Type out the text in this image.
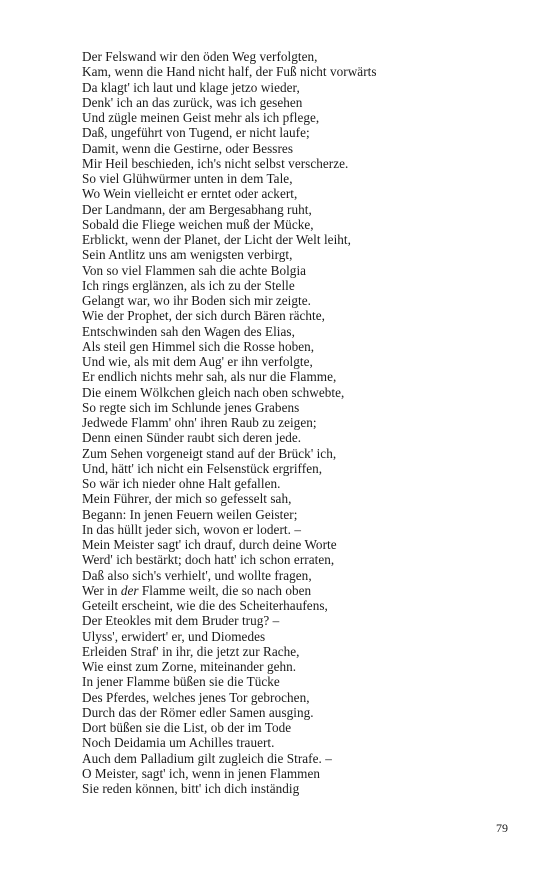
Der Felswand wir den öden Weg verfolgten,
Kam, wenn die Hand nicht half, der Fuß nicht vorwärts
Da klagt' ich laut und klage jetzo wieder,
Denk' ich an das zurück, was ich gesehen
Und zügle meinen Geist mehr als ich pflege,
Daß, ungeführt von Tugend, er nicht laufe;
Damit, wenn die Gestirne, oder Bessres
Mir Heil beschieden, ich's nicht selbst verscherze.
So viel Glühwürmer unten in dem Tale,
Wo Wein vielleicht er erntet oder ackert,
Der Landmann, der am Bergesabhang ruht,
Sobald die Fliege weichen muß der Mücke,
Erblickt, wenn der Planet, der Licht der Welt leiht,
Sein Antlitz uns am wenigsten verbirgt,
Von so viel Flammen sah die achte Bolgia
Ich rings erglänzen, als ich zu der Stelle
Gelangt war, wo ihr Boden sich mir zeigte.
Wie der Prophet, der sich durch Bären rächte,
Entschwinden sah den Wagen des Elias,
Als steil gen Himmel sich die Rosse hoben,
Und wie, als mit dem Aug' er ihn verfolgte,
Er endlich nichts mehr sah, als nur die Flamme,
Die einem Wölkchen gleich nach oben schwebte,
So regte sich im Schlunde jenes Grabens
Jedwede Flamm' ohn' ihren Raub zu zeigen;
Denn einen Sünder raubt sich deren jede.
Zum Sehen vorgeneigt stand auf der Brück' ich,
Und, hätt' ich nicht ein Felsenstück ergriffen,
So wär ich nieder ohne Halt gefallen.
Mein Führer, der mich so gefesselt sah,
Begann: In jenen Feuern weilen Geister;
In das hüllt jeder sich, wovon er lodert. –
Mein Meister sagt' ich drauf, durch deine Worte
Werd' ich bestärkt; doch hatt' ich schon erraten,
Daß also sich's verhielt', und wollte fragen,
Wer in der Flamme weilt, die so nach oben
Geteilt erscheint, wie die des Scheiterhaufens,
Der Eteokles mit dem Bruder trug? –
Ulyss', erwidert' er, und Diomedes
Erleiden Straf' in ihr, die jetzt zur Rache,
Wie einst zum Zorne, miteinander gehn.
In jener Flamme büßen sie die Tücke
Des Pferdes, welches jenes Tor gebrochen,
Durch das der Römer edler Samen ausging.
Dort büßen sie die List, ob der im Tode
Noch Deidamia um Achilles trauert.
Auch dem Palladium gilt zugleich die Strafe. –
O Meister, sagt' ich, wenn in jenen Flammen
Sie reden können, bitt' ich dich inständig
79
